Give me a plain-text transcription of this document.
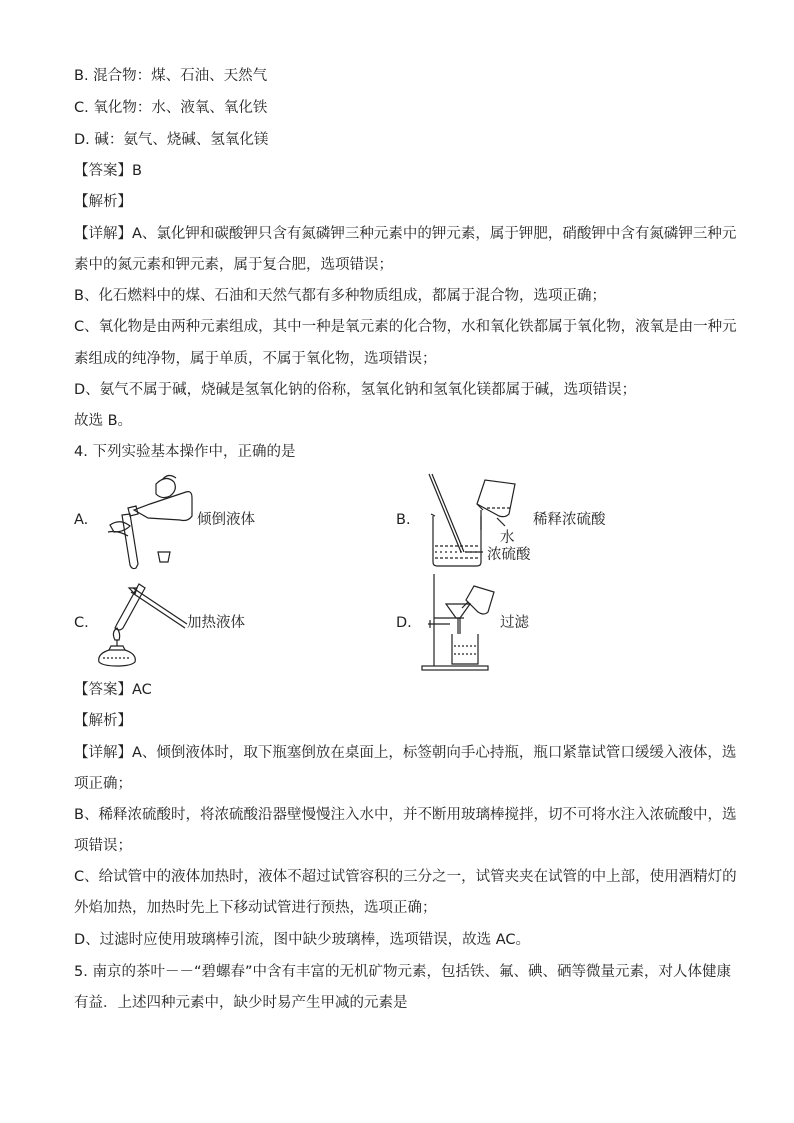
B. 混合物：煤、石油、天然气
C. 氧化物：水、液氧、氧化铁
D. 碱：氨气、烧碱、氢氧化镁
【答案】B
【解析】
【详解】A、氯化钾和碳酸钾只含有氮磷钾三种元素中的钾元素，属于钾肥，硝酸钾中含有氮磷钾三种元
素中的氮元素和钾元素，属于复合肥，选项错误；
B、化石燃料中的煤、石油和天然气都有多种物质组成，都属于混合物，选项正确；
C、氧化物是由两种元素组成，其中一种是氧元素的化合物，水和氧化铁都属于氧化物，液氧是由一种元
素组成的纯净物，属于单质，不属于氧化物，选项错误；
D、氨气不属于碱，烧碱是氢氧化钠的俗称，氢氧化钠和氢氧化镁都属于碱，选项错误；
故选 B。
4. 下列实验基本操作中，正确的是
A.	倾倒液体	B.	稀释浓硫酸
水
浓硫酸
C.	加热液体	D.	过滤
【答案】AC
【解析】
【详解】A、倾倒液体时，取下瓶塞倒放在桌面上，标签朝向手心持瓶，瓶口紧靠试管口缓缓入液体，选
项正确；
B、稀释浓硫酸时，将浓硫酸沿器壁慢慢注入水中，并不断用玻璃棒搅拌，切不可将水注入浓硫酸中，选
项错误；
C、给试管中的液体加热时，液体不超过试管容积的三分之一，试管夹夹在试管的中上部，使用酒精灯的
外焰加热，加热时先上下移动试管进行预热，选项正确；
D、过滤时应使用玻璃棒引流，图中缺少玻璃棒，选项错误，故选 AC。
5. 南京的茶叶－－“碧螺春”中含有丰富的无机矿物元素，包括铁、氟、碘、硒等微量元素，对人体健康
有益．上述四种元素中，缺少时易产生甲减的元素是
